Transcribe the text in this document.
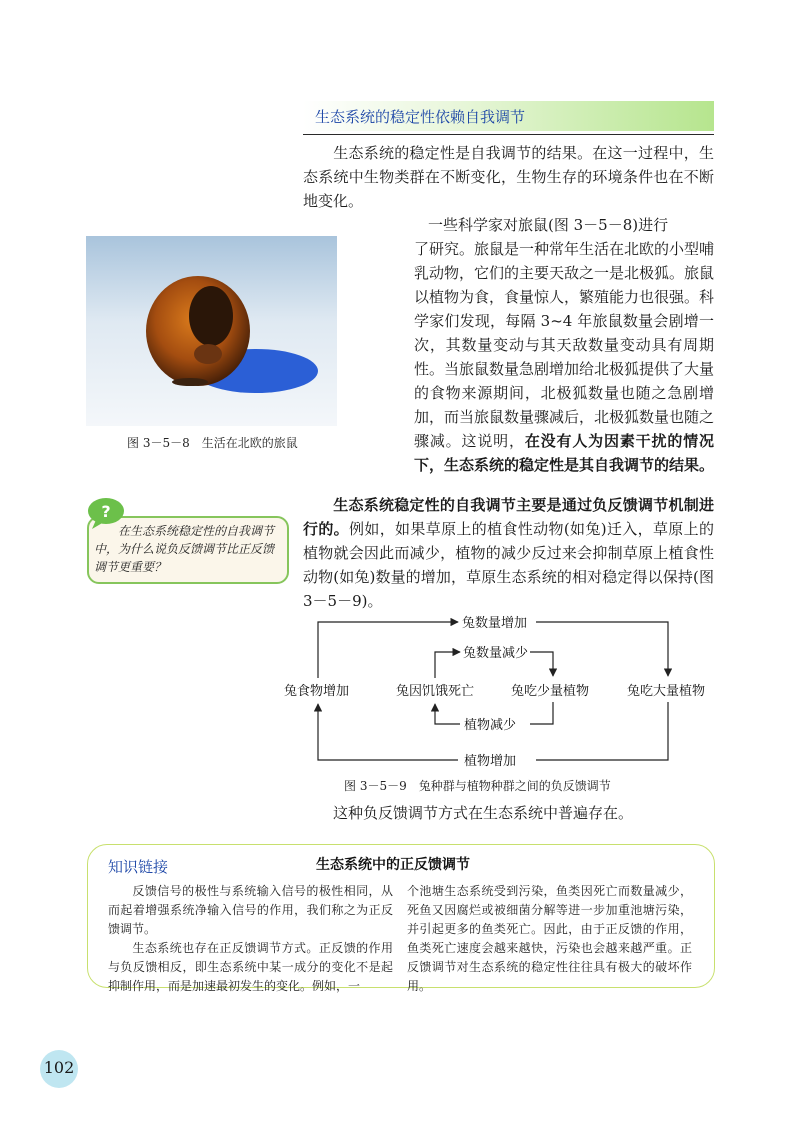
生态系统的稳定性依赖自我调节

生态系统的稳定性是自我调节的结果。在这一过程中，生态系统中生物类群在不断变化，生物生存的环境条件也在不断地变化。

一些科学家对旅鼠(图 3－5－8)进行

了研究。旅鼠是一种常年生活在北欧的小型哺乳动物，它们的主要天敌之一是北极狐。旅鼠以植物为食，食量惊人，繁殖能力也很强。科学家们发现，每隔 3~4 年旅鼠数量会剧增一次，其数量变动与其天敌数量变动具有周期性。当旅鼠数量急剧增加给北极狐提供了大量的食物来源期间，北极狐数量也随之急剧增加，而当旅鼠数量骤减后，北极狐数量也随之骤减。这说明，在没有人为因素干扰的情况下，生态系统的稳定性是其自我调节的结果。

图 3－5－8　生活在北欧的旅鼠
?
在生态系统稳定性的自我调节中，为什么说负反馈调节比正反馈调节更重要？

生态系统稳定性的自我调节主要是通过负反馈调节机制进行的。例如，如果草原上的植食性动物(如兔)迁入，草原上的植物就会因此而减少，植物的减少反过来会抑制草原上植食性动物(如兔)数量的增加，草原生态系统的相对稳定得以保持(图 3－5－9)。

兔数量增加
兔数量减少
兔食物增加	兔因饥饿死亡	兔吃少量植物	兔吃大量植物
植物减少
植物增加
图 3－5－9　兔种群与植物种群之间的负反馈调节

这种负反馈调节方式在生态系统中普遍存在。

知识链接	生态系统中的正反馈调节

反馈信号的极性与系统输入信号的极性相同，从而起着增强系统净输入信号的作用，我们称之为正反馈调节。

生态系统也存在正反馈调节方式。正反馈的作用与负反馈相反，即生态系统中某一成分的变化不是起抑制作用，而是加速最初发生的变化。例如，一

个池塘生态系统受到污染，鱼类因死亡而数量减少，死鱼又因腐烂或被细菌分解等进一步加重池塘污染，并引起更多的鱼类死亡。因此，由于正反馈的作用，鱼类死亡速度会越来越快，污染也会越来越严重。正反馈调节对生态系统的稳定性往往具有极大的破坏作用。

102
